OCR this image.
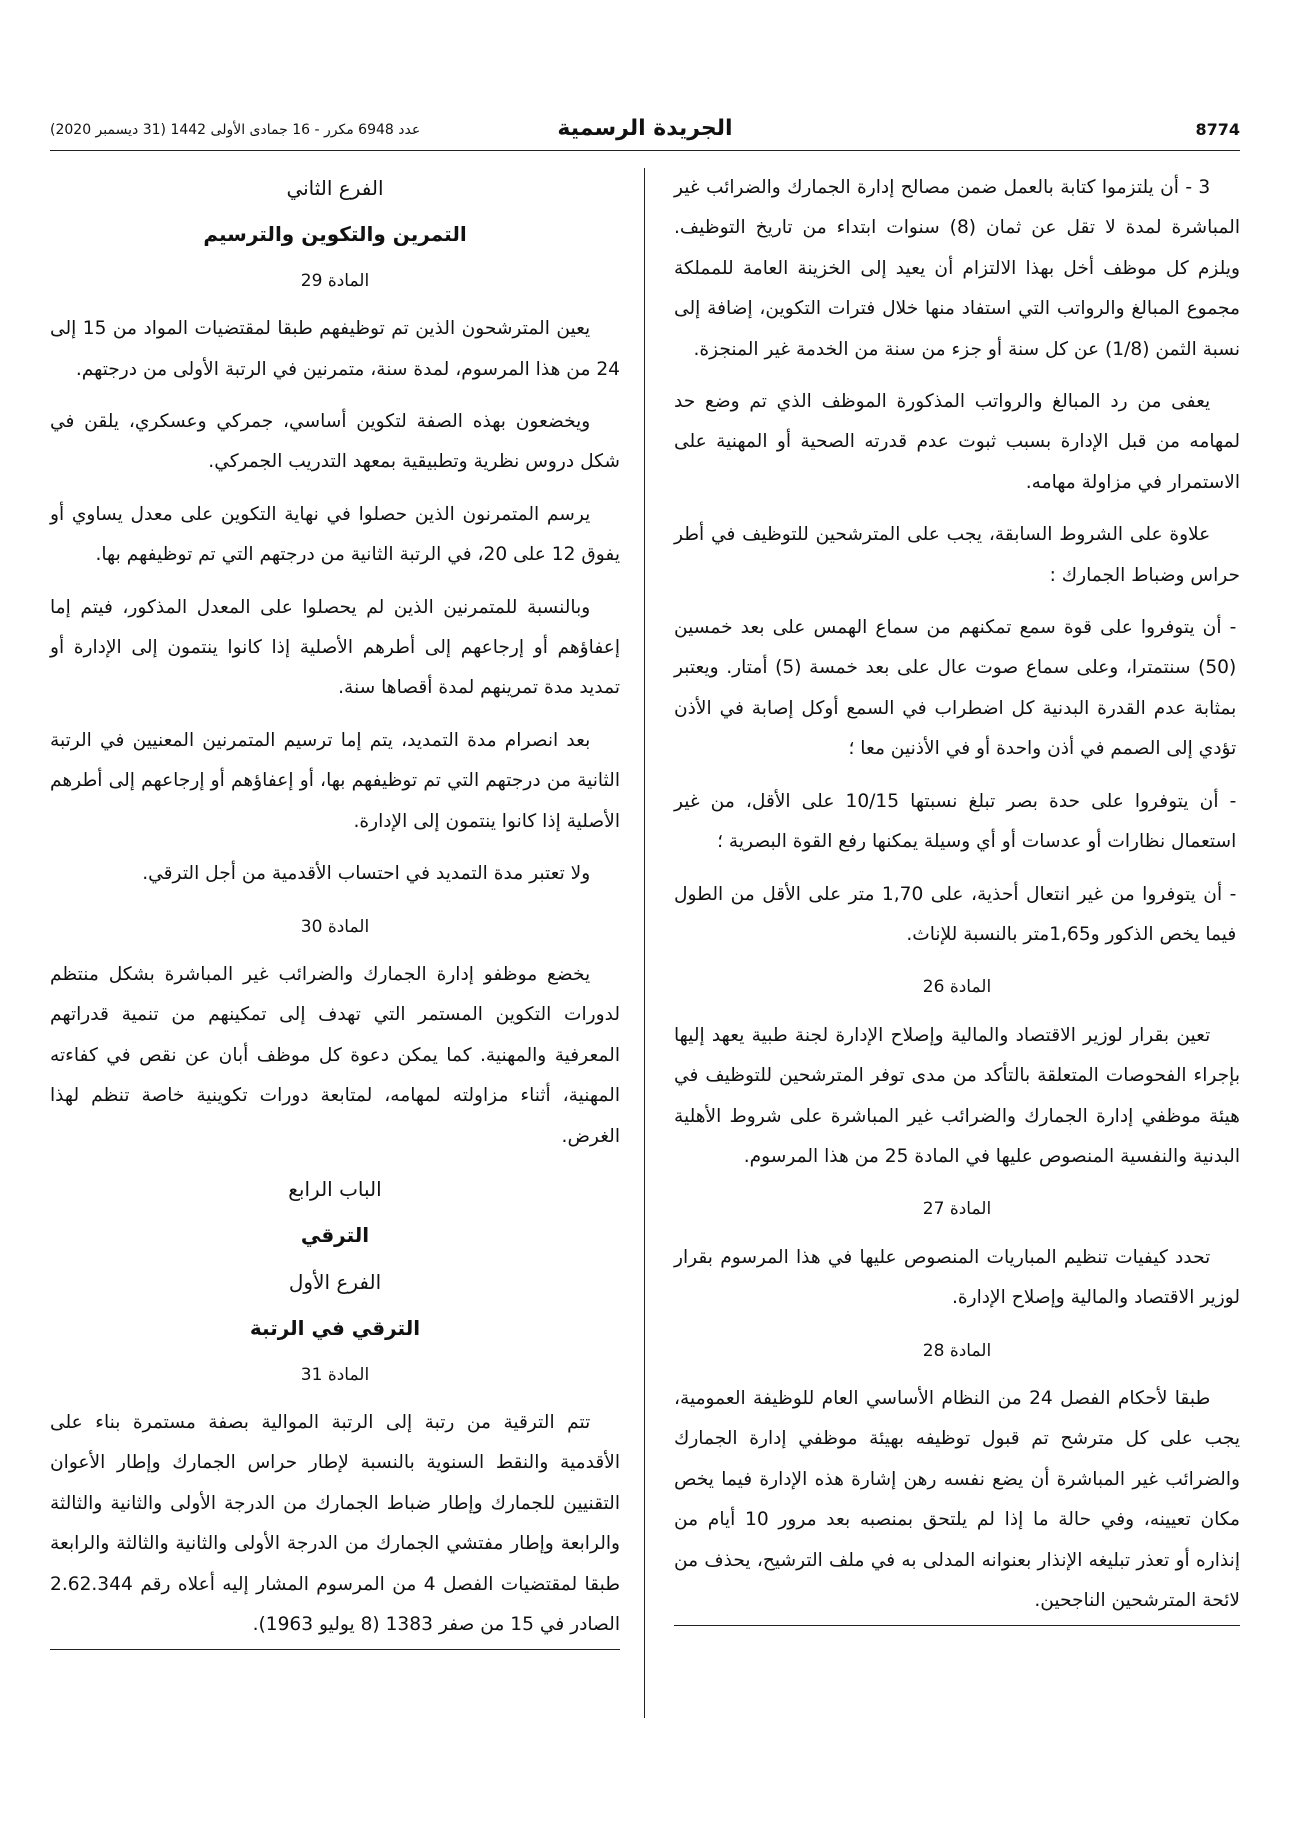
8774
الجريدة الرسمية
عدد 6948 مكرر - 16 جمادى الأولى 1442 (31 ديسمبر 2020)

3 - أن يلتزموا كتابة بالعمل ضمن مصالح إدارة الجمارك والضرائب غير المباشرة لمدة لا تقل عن ثمان (8) سنوات ابتداء من تاريخ التوظيف. ويلزم كل موظف أخل بهذا الالتزام أن يعيد إلى الخزينة العامة للمملكة مجموع المبالغ والرواتب التي استفاد منها خلال فترات التكوين، إضافة إلى نسبة الثمن (1/8) عن كل سنة أو جزء من سنة من الخدمة غير المنجزة.

يعفى من رد المبالغ والرواتب المذكورة الموظف الذي تم وضع حد لمهامه من قبل الإدارة بسبب ثبوت عدم قدرته الصحية أو المهنية على الاستمرار في مزاولة مهامه.

علاوة على الشروط السابقة، يجب على المترشحين للتوظيف في أطر حراس وضباط الجمارك :

- أن يتوفروا على قوة سمع تمكنهم من سماع الهمس على بعد خمسين (50) سنتمترا، وعلى سماع صوت عال على بعد خمسة (5) أمتار. ويعتبر بمثابة عدم القدرة البدنية كل اضطراب في السمع أوكل إصابة في الأذن تؤدي إلى الصمم في أذن واحدة أو في الأذنين معا ؛

- أن يتوفروا على حدة بصر تبلغ نسبتها 10/15 على الأقل، من غير استعمال نظارات أو عدسات أو أي وسيلة يمكنها رفع القوة البصرية ؛

- أن يتوفروا من غير انتعال أحذية، على 1,70 متر على الأقل من الطول فيما يخص الذكور و1,65متر بالنسبة للإناث.

المادة 26

تعين بقرار لوزير الاقتصاد والمالية وإصلاح الإدارة لجنة طبية يعهد إليها بإجراء الفحوصات المتعلقة بالتأكد من مدى توفر المترشحين للتوظيف في هيئة موظفي إدارة الجمارك والضرائب غير المباشرة على شروط الأهلية البدنية والنفسية المنصوص عليها في المادة 25 من هذا المرسوم.

المادة 27

تحدد كيفيات تنظيم المباريات المنصوص عليها في هذا المرسوم بقرار لوزير الاقتصاد والمالية وإصلاح الإدارة.

المادة 28

طبقا لأحكام الفصل 24 من النظام الأساسي العام للوظيفة العمومية، يجب على كل مترشح تم قبول توظيفه بهيئة موظفي إدارة الجمارك والضرائب غير المباشرة أن يضع نفسه رهن إشارة هذه الإدارة فيما يخص مكان تعيينه، وفي حالة ما إذا لم يلتحق بمنصبه بعد مرور 10 أيام من إنذاره أو تعذر تبليغه الإنذار بعنوانه المدلى به في ملف الترشيح، يحذف من لائحة المترشحين الناجحين.

الفرع الثاني

التمرين والتكوين والترسيم

المادة 29

يعين المترشحون الذين تم توظيفهم طبقا لمقتضيات المواد من 15 إلى 24 من هذا المرسوم، لمدة سنة، متمرنين في الرتبة الأولى من درجتهم.

ويخضعون بهذه الصفة لتكوين أساسي، جمركي وعسكري، يلقن في شكل دروس نظرية وتطبيقية بمعهد التدريب الجمركي.

يرسم المتمرنون الذين حصلوا في نهاية التكوين على معدل يساوي أو يفوق 12 على 20، في الرتبة الثانية من درجتهم التي تم توظيفهم بها.

وبالنسبة للمتمرنين الذين لم يحصلوا على المعدل المذكور، فيتم إما إعفاؤهم أو إرجاعهم إلى أطرهم الأصلية إذا كانوا ينتمون إلى الإدارة أو تمديد مدة تمرينهم لمدة أقصاها سنة.

بعد انصرام مدة التمديد، يتم إما ترسيم المتمرنين المعنيين في الرتبة الثانية من درجتهم التي تم توظيفهم بها، أو إعفاؤهم أو إرجاعهم إلى أطرهم الأصلية إذا كانوا ينتمون إلى الإدارة.

ولا تعتبر مدة التمديد في احتساب الأقدمية من أجل الترقي.

المادة 30

يخضع موظفو إدارة الجمارك والضرائب غير المباشرة بشكل منتظم لدورات التكوين المستمر التي تهدف إلى تمكينهم من تنمية قدراتهم المعرفية والمهنية. كما يمكن دعوة كل موظف أبان عن نقص في كفاءته المهنية، أثناء مزاولته لمهامه، لمتابعة دورات تكوينية خاصة تنظم لهذا الغرض.

الباب الرابع

الترقي

الفرع الأول

الترقي في الرتبة

المادة 31

تتم الترقية من رتبة إلى الرتبة الموالية بصفة مستمرة بناء على الأقدمية والنقط السنوية بالنسبة لإطار حراس الجمارك وإطار الأعوان التقنيين للجمارك وإطار ضباط الجمارك من الدرجة الأولى والثانية والثالثة والرابعة وإطار مفتشي الجمارك من الدرجة الأولى والثانية والثالثة والرابعة طبقا لمقتضيات الفصل 4 من المرسوم المشار إليه أعلاه رقم 2.62.344 الصادر في 15 من صفر 1383 (8 يوليو 1963).
